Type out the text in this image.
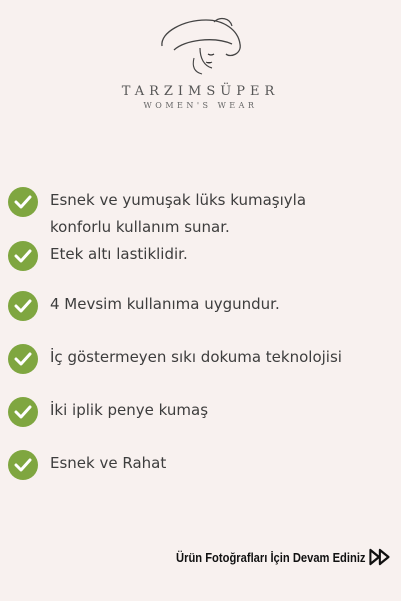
TARZIMSÜPER
WOMEN'S WEAR
Esnek ve yumuşak lüks kumaşıyla konforlu kullanım sunar.
Etek altı lastiklidir.
4 Mevsim kullanıma uygundur.
İç göstermeyen sıkı dokuma teknolojisi
İki iplik penye kumaş
Esnek ve Rahat
Ürün Fotoğrafları İçin Devam Ediniz
